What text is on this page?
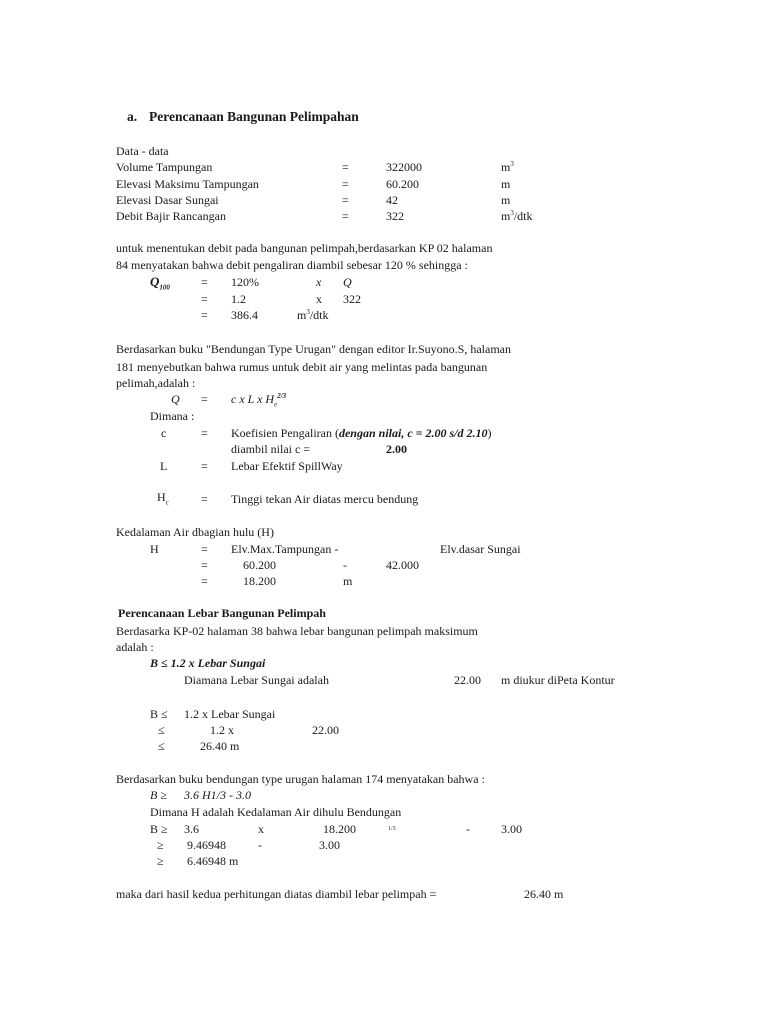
a. Perencanaan Bangunan Pelimpahan
Data - data
Volume Tampungan	=	322000	$m^3$
Elevasi Maksimu Tampungan	=	60.200	m
Elevasi Dasar Sungai	=	42	m
Debit Bajir Rancangan	=	322	$m^3$/dtk
untuk menentukan debit pada bangunan pelimpah,berdasarkan KP 02 halaman
84 menyatakan bahwa debit pengaliran diambil sebesar 120 % sehingga :
$Q_{100}$	= 120%	x Q
= 1.2	x 322
= 386.4	$m^3$/dtk
Berdasarkan buku "Bendungan Type Urugan" dengan editor Ir.Suyono.S, halaman
181 menyebutkan bahwa rumus untuk debit air yang melintas pada bangunan
pelimah,adalah :
Q = c x L x $H_e^{2/3}$
Dimana :
c	= Koefisien Pengaliran (dengan nilai, c = 2.00 s/d 2.10)
diambil nilai c =	2.00
L	= Lebar Efektif SpillWay
$H_c$	= Tinggi tekan Air diatas mercu bendung
Kedalaman Air dbagian hulu (H)
H	= Elv.Max.Tampungan -	Elv.dasar Sungai
=	60.200	-	42.000
=	18.200	m
Perencanaan Lebar Bangunan Pelimpah
Berdasarka KP-02 halaman 38 bahwa lebar bangunan pelimpah maksimum
adalah :
B ≤ 1.2 x Lebar Sungai
Diamana Lebar Sungai adalah	22.00 m diukur diPeta Kontur
B ≤ 1.2 x Lebar Sungai
≤	1.2 x	22.00
≤	26.40 m
Berdasarkan buku bendungan type urugan halaman 174 menyatakan bahwa :
B ≥ 3.6 H1/3 - 3.0
Dimana H adalah Kedalaman Air dihulu Bendungan
B ≥ 3.6	x	18.200	1/3	-	3.00
≥ 9.46948	-	3.00
≥ 6.46948 m
maka dari hasil kedua perhitungan diatas diambil lebar pelimpah =	26.40 m
